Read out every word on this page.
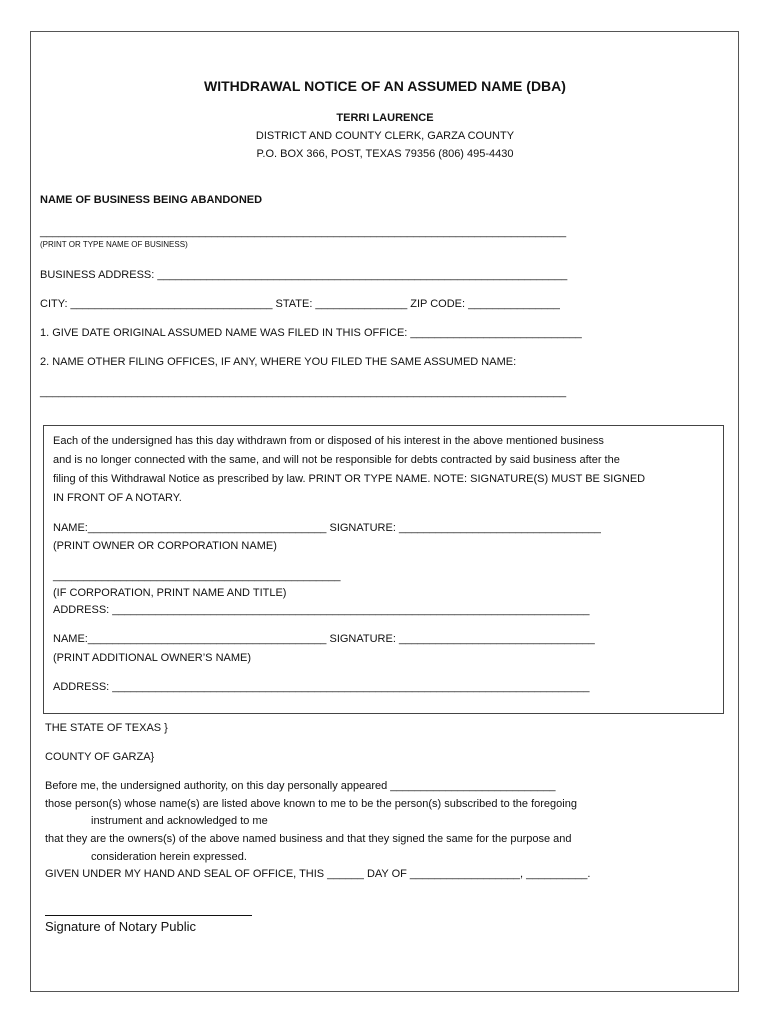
WITHDRAWAL NOTICE OF AN ASSUMED NAME (DBA)
TERRI LAURENCE
DISTRICT AND COUNTY CLERK, GARZA COUNTY
P.O. BOX 366, POST, TEXAS 79356 (806) 495-4430
NAME OF BUSINESS BEING ABANDONED
______________________________________________________________________________________
(PRINT OR TYPE NAME OF BUSINESS)
BUSINESS ADDRESS: ___________________________________________________________________
CITY: _________________________________ STATE: _______________ ZIP CODE: _______________
1. GIVE DATE ORIGINAL ASSUMED NAME WAS FILED IN THIS OFFICE: ____________________________
2. NAME OTHER FILING OFFICES, IF ANY, WHERE YOU FILED THE SAME ASSUMED NAME:
______________________________________________________________________________________
Each of the undersigned has this day withdrawn from or disposed of his interest in the above mentioned business
and is no longer connected with the same, and will not be responsible for debts contracted by said business after the
filing of this Withdrawal Notice as prescribed by law. PRINT OR TYPE NAME. NOTE: SIGNATURE(S) MUST BE SIGNED
IN FRONT OF A NOTARY.
NAME:_______________________________________ SIGNATURE: _________________________________
(PRINT OWNER OR CORPORATION NAME)
_______________________________________________
(IF CORPORATION, PRINT NAME AND TITLE)
ADDRESS: ______________________________________________________________________________
NAME:_______________________________________ SIGNATURE: ________________________________
(PRINT ADDITIONAL OWNER’S NAME)
ADDRESS: ______________________________________________________________________________
THE STATE OF TEXAS }
COUNTY OF GARZA}
Before me, the undersigned authority, on this day personally appeared ___________________________
those person(s) whose name(s) are listed above known to me to be the person(s) subscribed to the foregoing
instrument and acknowledged to me
that they are the owners(s) of the above named business and that they signed the same for the purpose and
consideration herein expressed.
GIVEN UNDER MY HAND AND SEAL OF OFFICE, THIS ______ DAY OF __________________, __________.
Signature of Notary Public
